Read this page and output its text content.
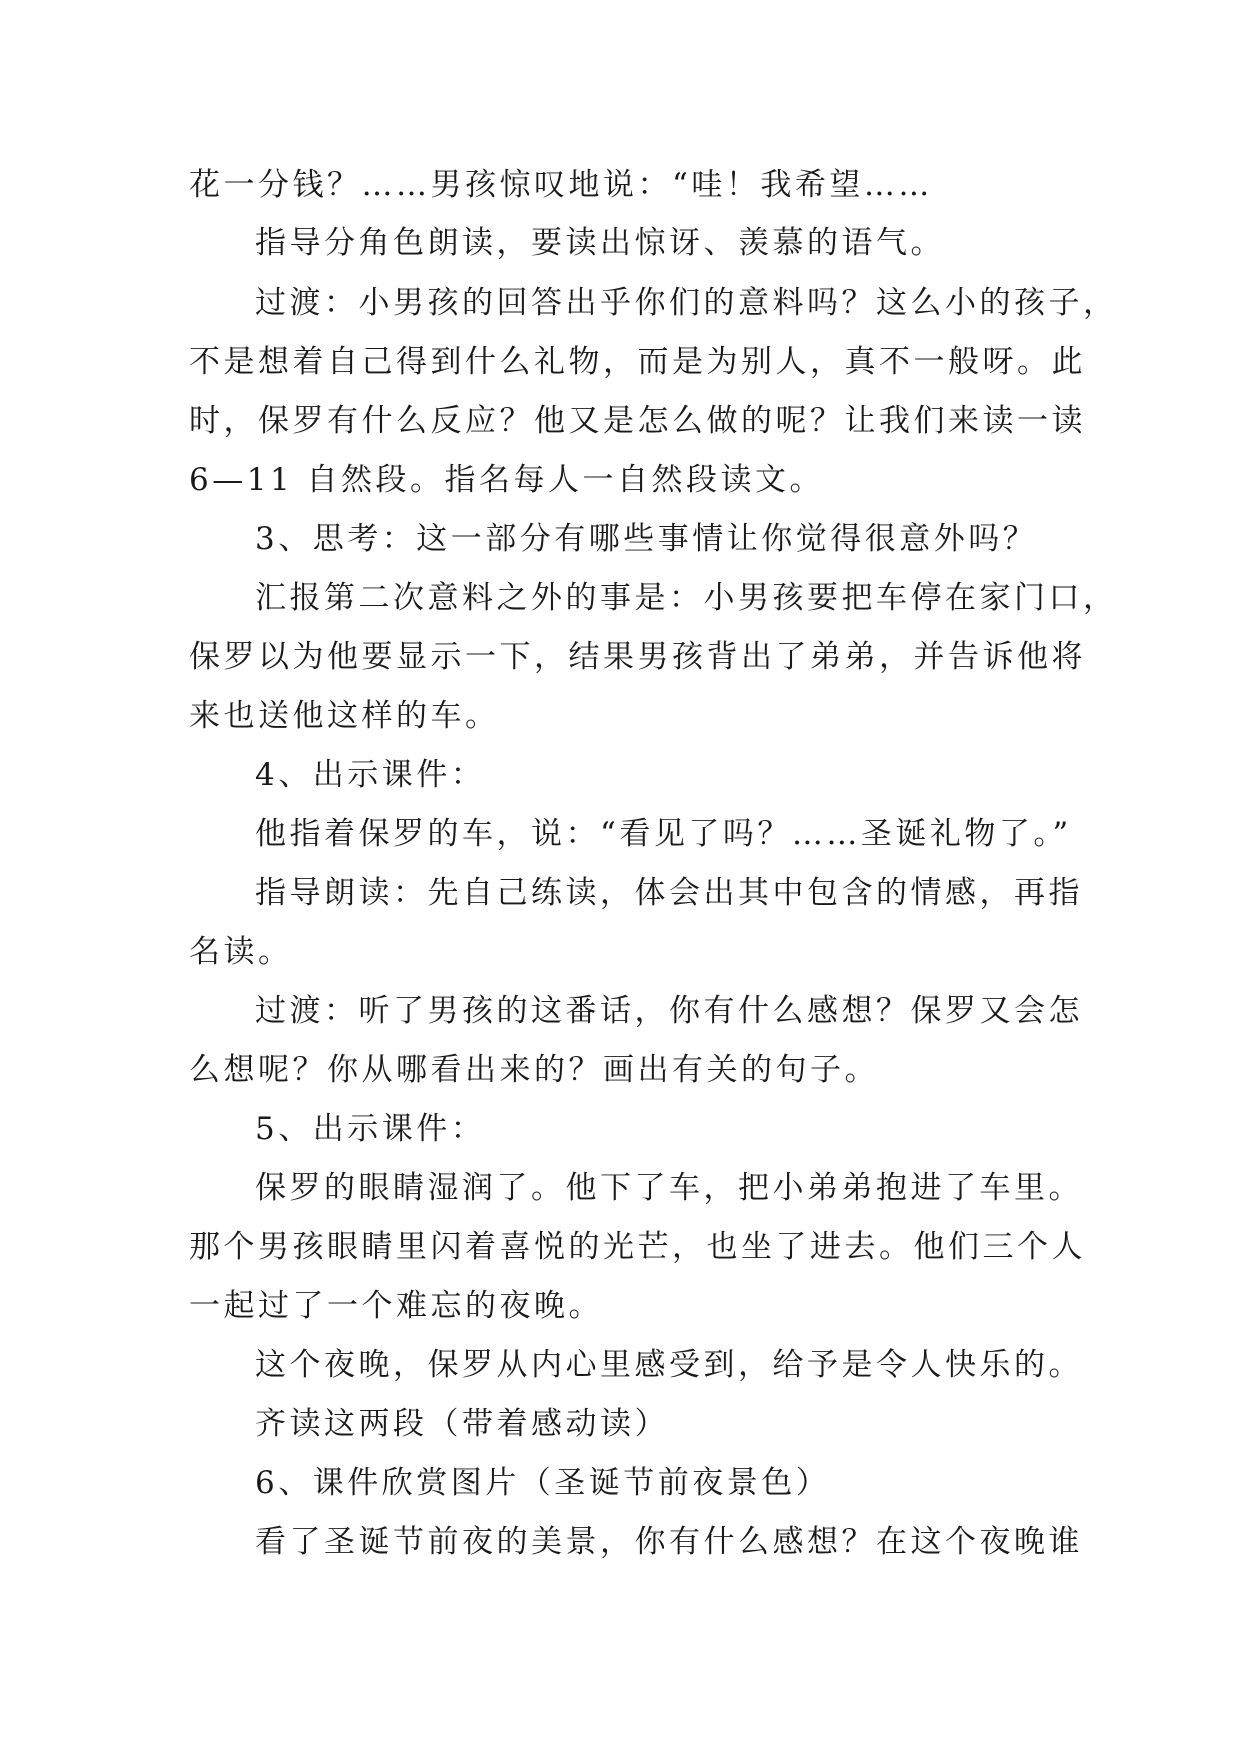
花一分钱？……男孩惊叹地说：“哇！我希望……
指导分角色朗读，要读出惊讶、羡慕的语气。
过渡：小男孩的回答出乎你们的意料吗？这么小的孩子，
不是想着自己得到什么礼物，而是为别人，真不一般呀。此
时，保罗有什么反应？他又是怎么做的呢？让我们来读一读
6—11 自然段。指名每人一自然段读文。
3、思考：这一部分有哪些事情让你觉得很意外吗？
汇报第二次意料之外的事是：小男孩要把车停在家门口，
保罗以为他要显示一下，结果男孩背出了弟弟，并告诉他将
来也送他这样的车。
4、出示课件：
他指着保罗的车，说：“看见了吗？……圣诞礼物了。”
指导朗读：先自己练读，体会出其中包含的情感，再指
名读。
过渡：听了男孩的这番话，你有什么感想？保罗又会怎
么想呢？你从哪看出来的？画出有关的句子。
5、出示课件：
保罗的眼睛湿润了。他下了车，把小弟弟抱进了车里。
那个男孩眼睛里闪着喜悦的光芒，也坐了进去。他们三个人
一起过了一个难忘的夜晚。
这个夜晚，保罗从内心里感受到，给予是令人快乐的。
齐读这两段（带着感动读）
6、课件欣赏图片（圣诞节前夜景色）
看了圣诞节前夜的美景，你有什么感想？在这个夜晚谁
